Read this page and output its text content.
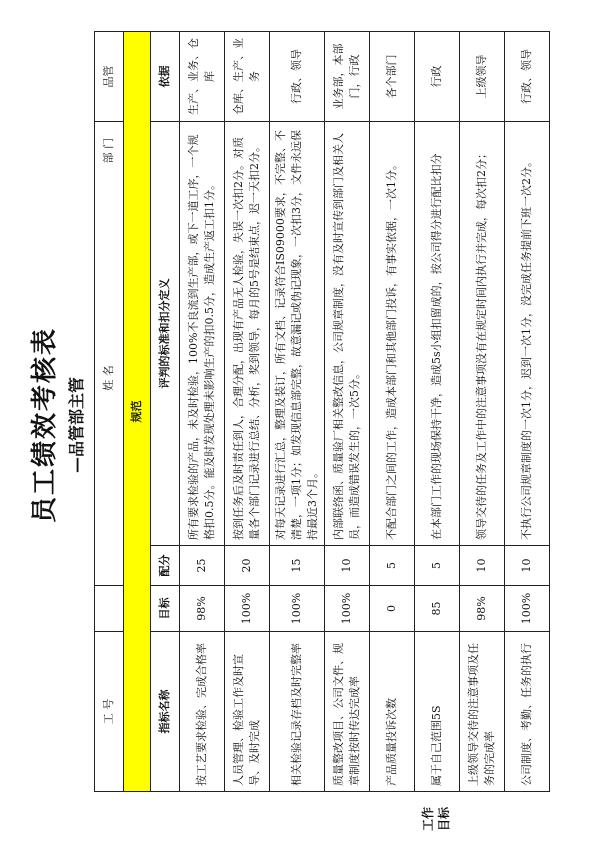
员工绩效考核表 —品管部主管
工作目标
工 号		姓 名 部 门		品管
规范				
指标名称	目标	配分	评判的标准和扣分定义	依据
按工艺要求检验、完成合格率	98%	25	所有要求检验的产品，未及时检验，100%不良流到生产部，或下一道工序，一个规格扣0.5分。能及时发现处理未影响生产的扣0.5分，造成生产返工扣1分。	生产、业务、仓库
人员管理、检验工作及时宣导、及时完成	100%	20	按到任务后及时责任到人，合理分配，出现有产品无人检验，失误一次扣2分。对质量各个部门记录进行总结、分析，奖到领导，每月的5号是结束点，迟一天扣2分。	仓库、生产、业务
相关检验记录存档及时完整率	100%	15	对每天记录进行汇总，整理及装订，所有文档、记录符合IS09000要求，不完整、不清楚，一项1分；如发现信息部完整，故意漏记或伪记现象，一次扣3分，文件永远保持最近3个月。	行政、领导
质量整改项目、公司文件、规章制度按时传达完成率	100%	10	内部联络函、质量验厂相关整改信息，公司规章制度，没有及时宣传到部门及相关人员，而造成错误发生的，一次5分。	业务部，本部门，行政
产品质量投诉次数	0	5	不配合部门之间的工作，造成本部门和其他部门投诉，有事实依据，一次1分。	各个部门
属于自己范围5S	85	5	在本部门工作的现场保持干净，造成5s小组扣留成的，按公司得分进行配比扣分	行政
上级领导交待的注意事项及任务的完成率	98%	10	领导交待的任务及工作中的注意事项没有在规定时间内执行并完成，每次扣2分；	上级领导
公司制度、考勤、任务的执行	100%	10	不执行公司规章制度的一次1分，迟到一次1分，没完成任务提前下班一次2分。	行政、领导
